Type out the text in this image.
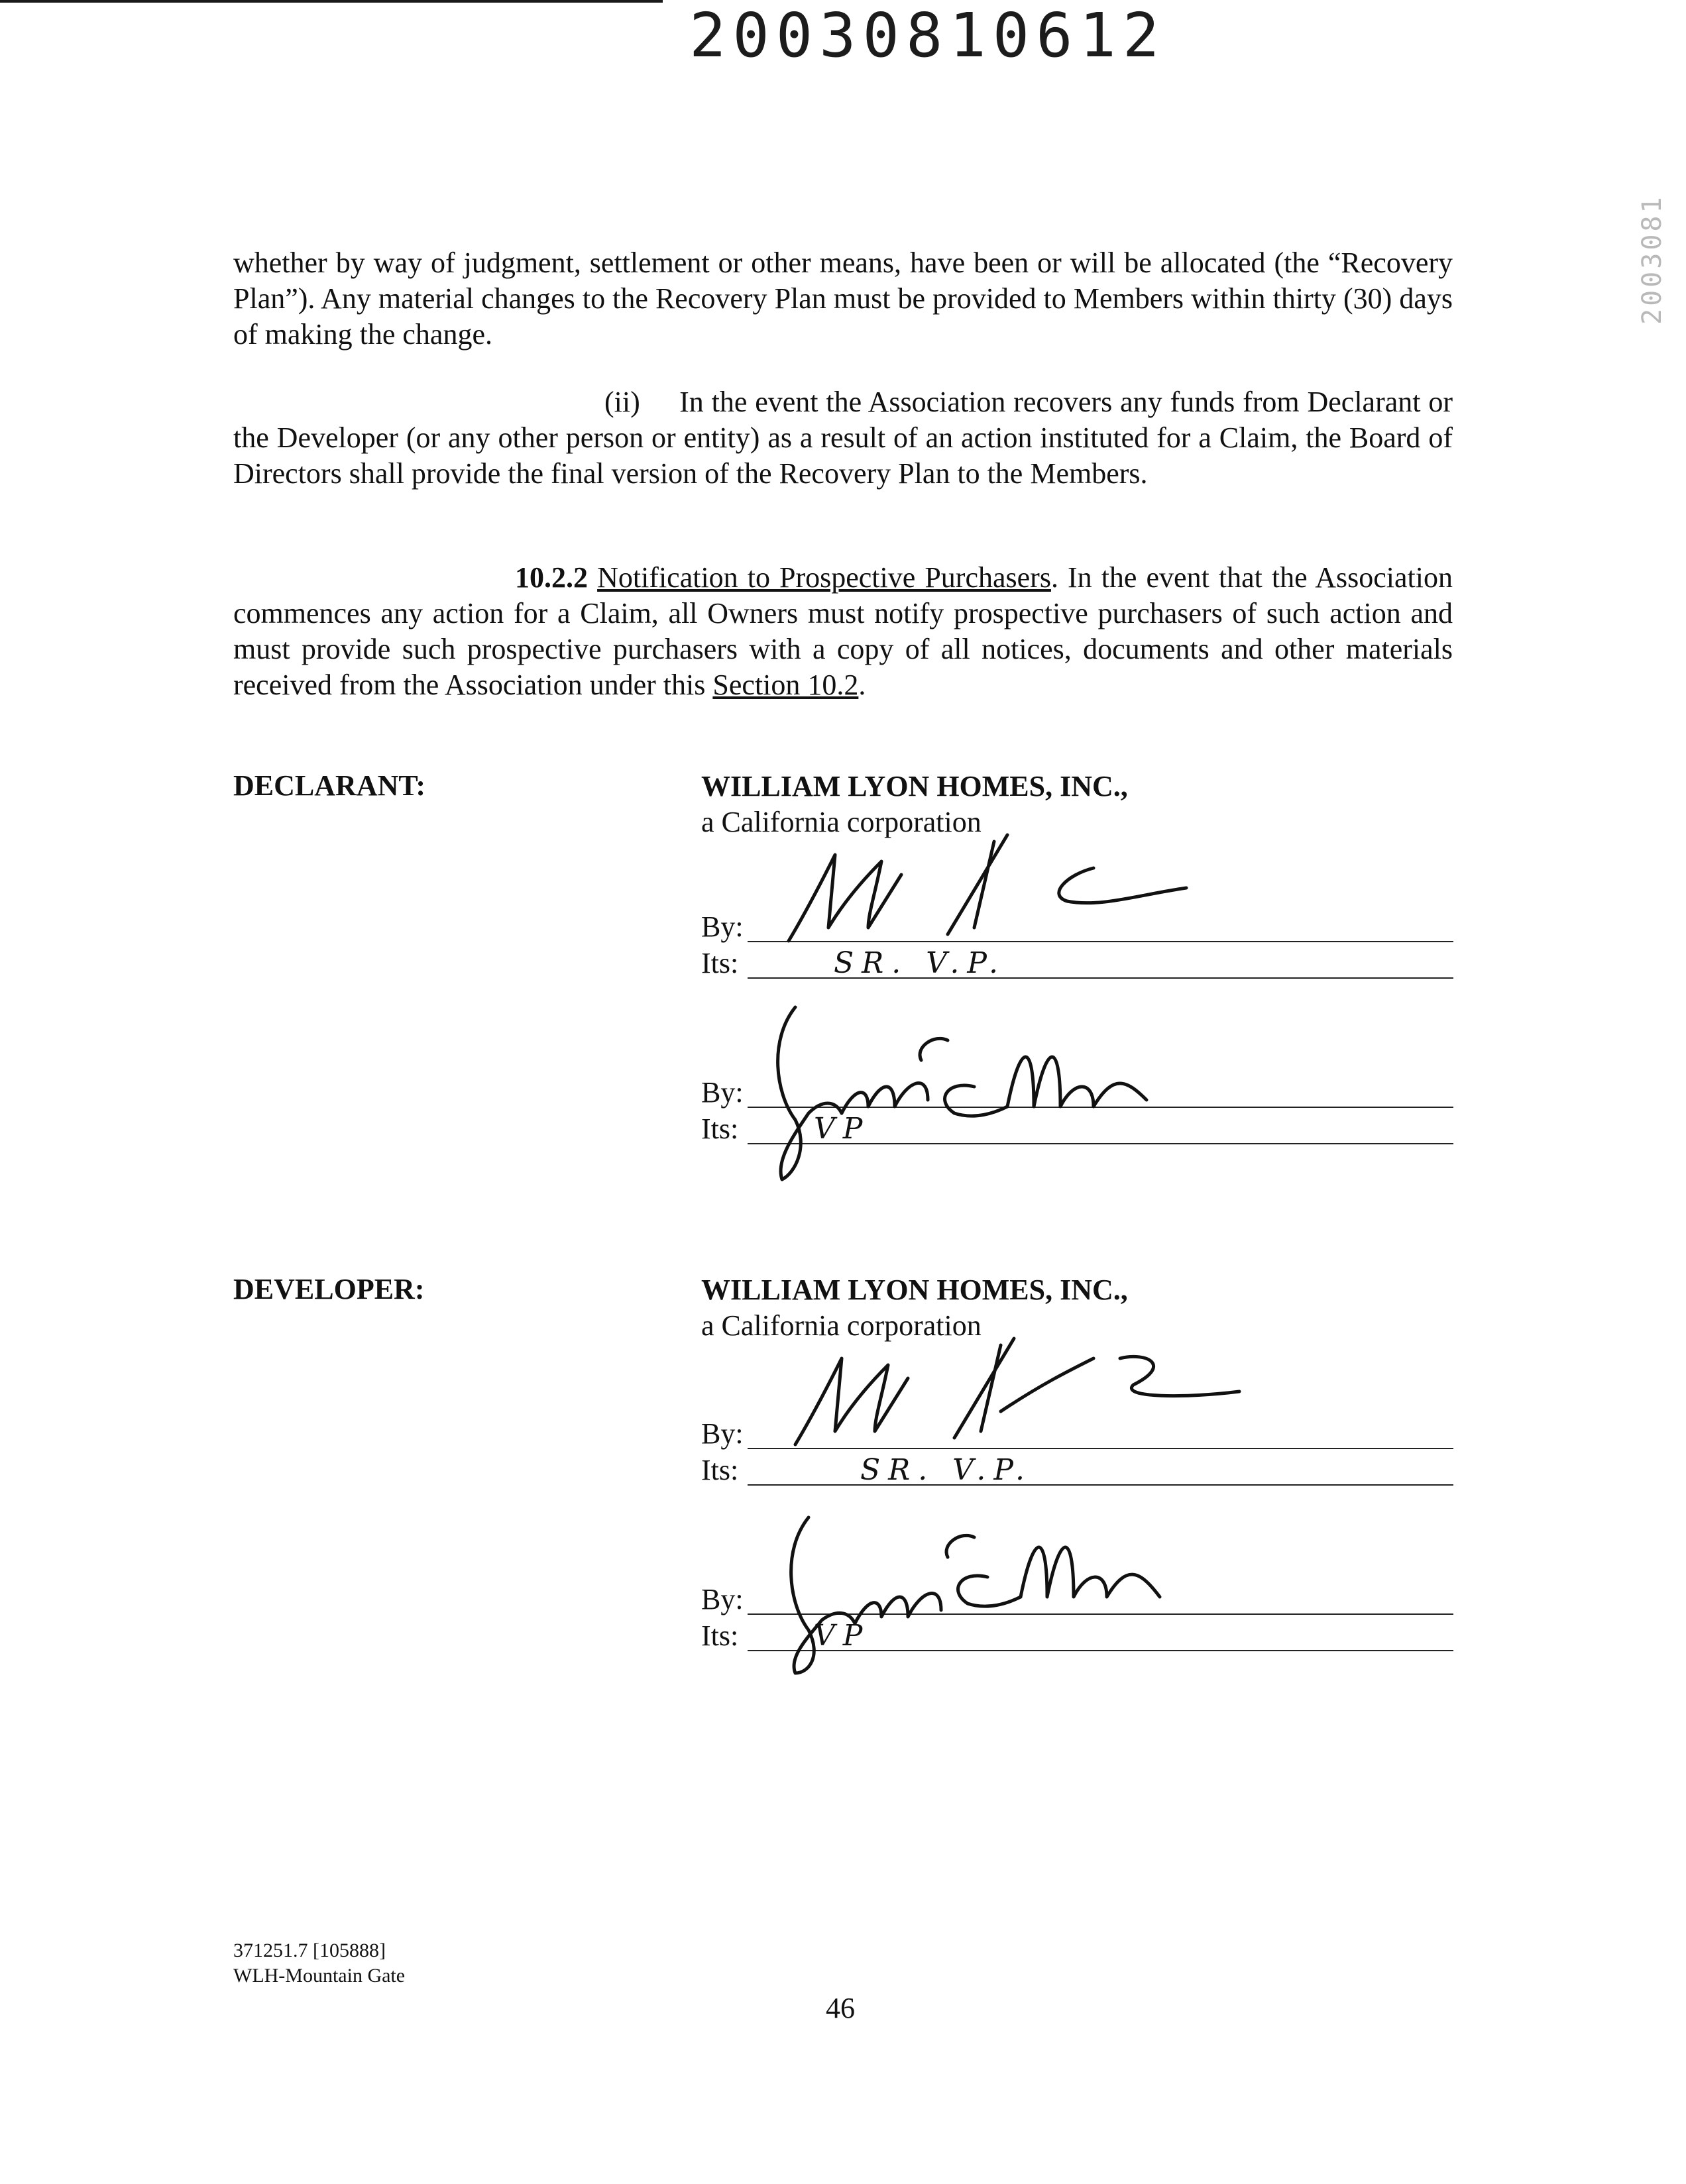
20030810612
2003081

whether by way of judgment, settlement or other means, have been or will be allocated (the “Recovery Plan”). Any material changes to the Recovery Plan must be provided to Members within thirty (30) days of making the change.

(ii) In the event the Association recovers any funds from Declarant or the Developer (or any other person or entity) as a result of an action instituted for a Claim, the Board of Directors shall provide the final version of the Recovery Plan to the Members.

10.2.2 Notification to Prospective Purchasers. In the event that the Association commences any action for a Claim, all Owners must notify prospective purchasers of such action and must provide such prospective purchasers with a copy of all notices, documents and other materials received from the Association under this Section 10.2.

DECLARANT:	WILLIAM LYON HOMES, INC.,
a California corporation
By:
Its:	SR. V.P.
By:
Its:	VP
DEVELOPER:	WILLIAM LYON HOMES, INC.,
a California corporation
By:
Its:	SR. V.P.
By:
Its:	VP
371251.7 [105888]
WLH-Mountain Gate
46
